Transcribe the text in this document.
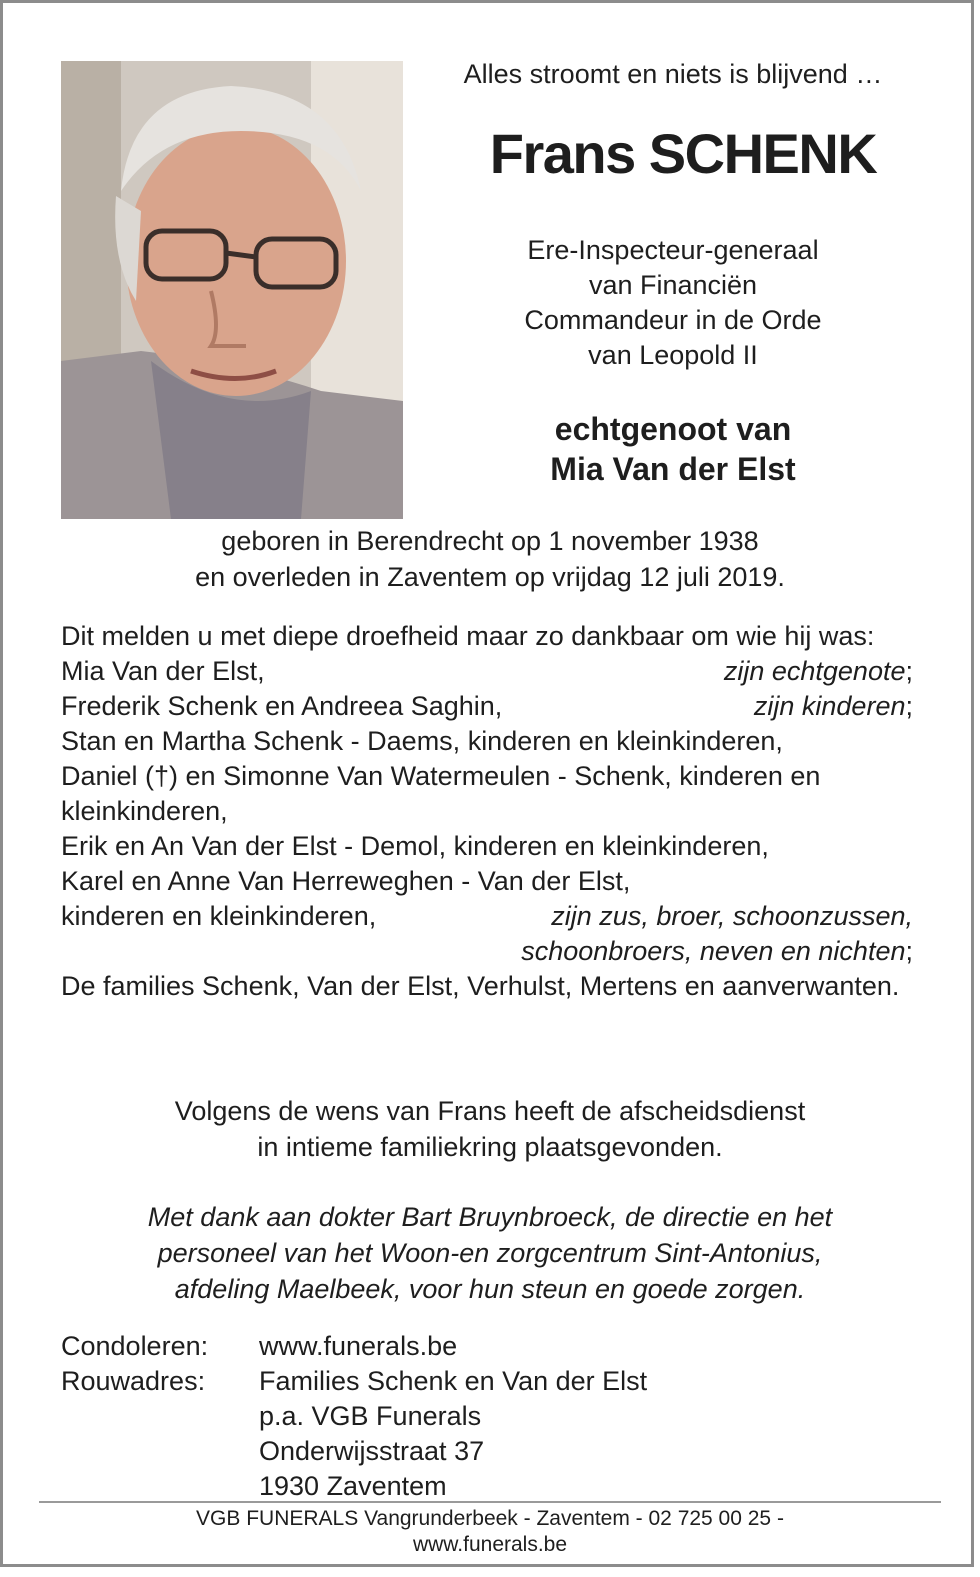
Alles stroomt en niets is blijvend …
Frans SCHENK
Ere-Inspecteur-generaal
van Financiën
Commandeur in de Orde
van Leopold II
echtgenoot van
Mia Van der Elst
geboren in Berendrecht op 1 november 1938
en overleden in Zaventem op vrijdag 12 juli 2019.
Dit melden u met diepe droefheid maar zo dankbaar om wie hij was:
Mia Van der Elst,	zijn echtgenote;
Frederik Schenk en Andreea Saghin,	zijn kinderen;
Stan en Martha Schenk - Daems, kinderen en kleinkinderen,
Daniel (†) en Simonne Van Watermeulen - Schenk, kinderen en kleinkinderen,
Erik en An Van der Elst - Demol, kinderen en kleinkinderen,
Karel en Anne Van Herreweghen - Van der Elst,
kinderen en kleinkinderen,	zijn zus, broer, schoonzussen,
schoonbroers, neven en nichten;
De families Schenk, Van der Elst, Verhulst, Mertens en aanverwanten.
Volgens de wens van Frans heeft de afscheidsdienst
in intieme familiekring plaatsgevonden.
Met dank aan dokter Bart Bruynbroeck, de directie en het
personeel van het Woon-en zorgcentrum Sint-Antonius,
afdeling Maelbeek, voor hun steun en goede zorgen.
Condoleren:	www.funerals.be
Rouwadres:	Families Schenk en Van der Elst
p.a. VGB Funerals
Onderwijsstraat 37
1930 Zaventem
VGB FUNERALS Vangrunderbeek - Zaventem - 02 725 00 25 -
www.funerals.be
